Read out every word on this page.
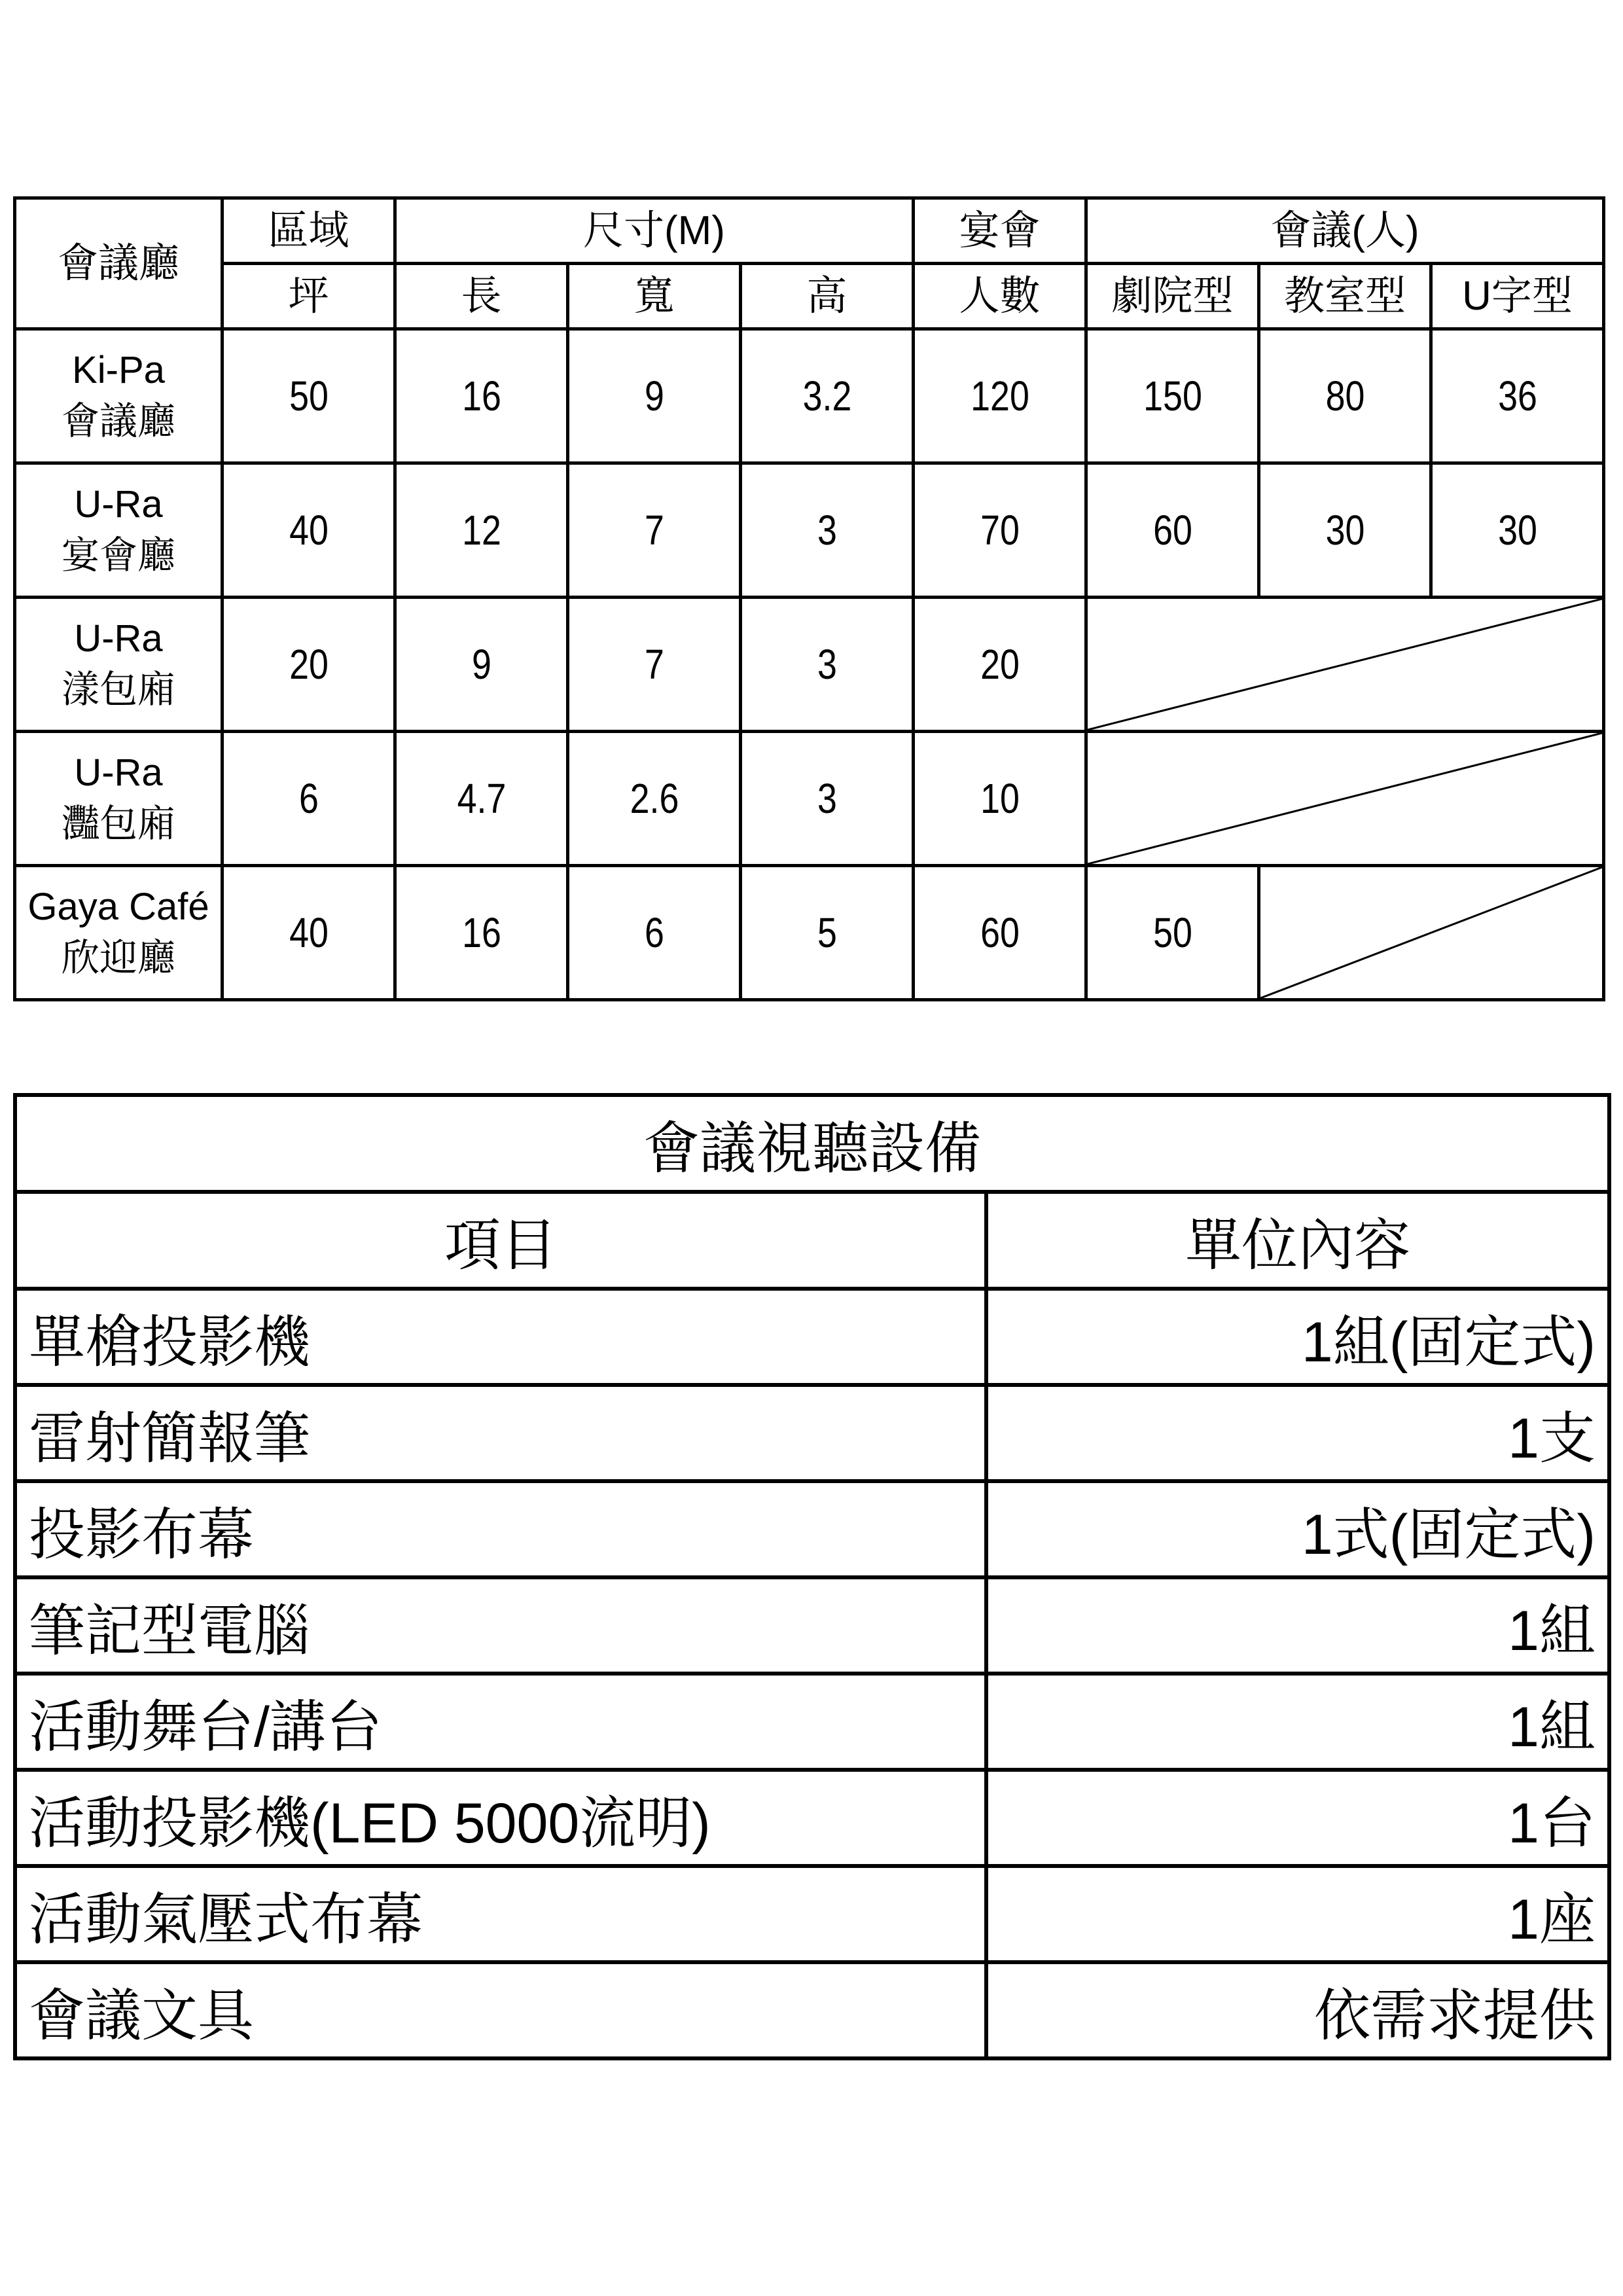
會議廳	區域	尺寸(M)			宴會	會議(人)		
	坪	長	寬	高	人數	劇院型	教室型	U字型

Ki-Pa
會議廳	50	16	9	3.2	120	150	80	36

U-Ra
宴會廳	40	12	7	3	70	60	30	30

U-Ra
漾包廂	20	9	7	3	20	

U-Ra
灩包廂	6	4.7	2.6	3	10	

Gaya Café
欣迎廳	40	16	6	5	60	50	
會議視聽設備	
項目	單位內容
單槍投影機	1組(固定式)
雷射簡報筆	1支
投影布幕	1式(固定式)
筆記型電腦	1組
活動舞台/講台	1組
活動投影機(LED 5000流明)	1台
活動氣壓式布幕	1座
會議文具	依需求提供
